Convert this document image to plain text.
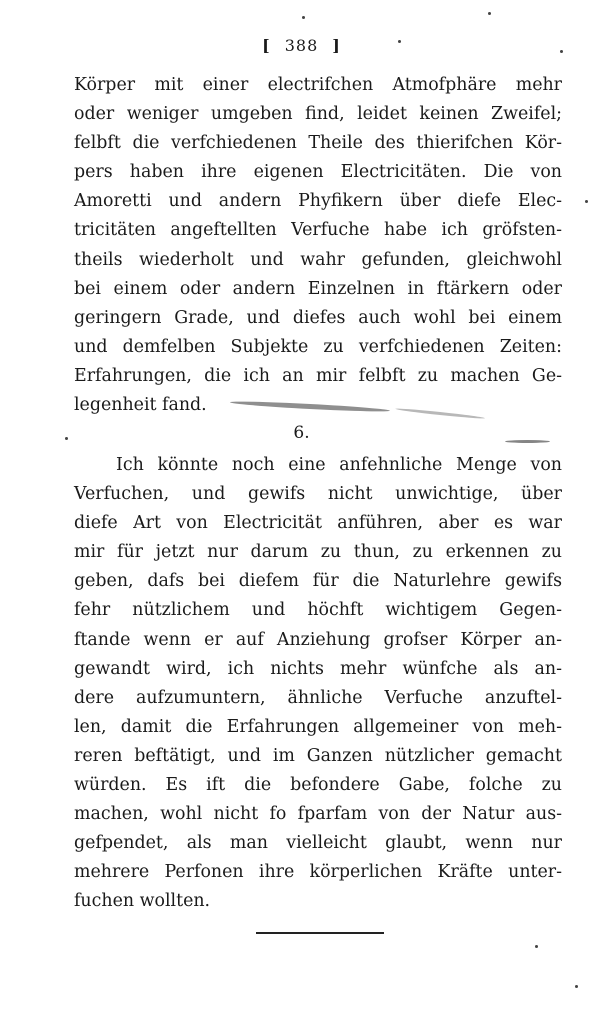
[ 388 ]
Körper mit einer electrifchen Atmofphäre mehr
oder weniger umgeben find, leidet keinen Zweifel;
felbft die verfchiedenen Theile des thierifchen Kör-
pers haben ihre eigenen Electricitäten. Die von
Amoretti und andern Phyfikern über diefe Elec-
tricitäten angeftellten Verfuche habe ich gröfsten-
theils wiederholt und wahr gefunden, gleichwohl
bei einem oder andern Einzelnen in ftärkern oder
geringern Grade, und diefes auch wohl bei einem
und demfelben Subjekte zu verfchiedenen Zeiten:
Erfahrungen, die ich an mir felbft zu machen Ge-
legenheit fand.
6.
Ich könnte noch eine anfehnliche Menge von
Verfuchen, und gewifs nicht unwichtige, über
diefe Art von Electricität anführen, aber es war
mir für jetzt nur darum zu thun, zu erkennen zu
geben, dafs bei diefem für die Naturlehre gewifs
fehr nützlichem und höchft wichtigem Gegen-
ftande wenn er auf Anziehung grofser Körper an-
gewandt wird, ich nichts mehr wünfche als an-
dere aufzumuntern, ähnliche Verfuche anzuftel-
len, damit die Erfahrungen allgemeiner von meh-
reren beftätigt, und im Ganzen nützlicher gemacht
würden. Es ift die befondere Gabe, folche zu
machen, wohl nicht fo fparfam von der Natur aus-
gefpendet, als man vielleicht glaubt, wenn nur
mehrere Perfonen ihre körperlichen Kräfte unter-
fuchen wollten.
